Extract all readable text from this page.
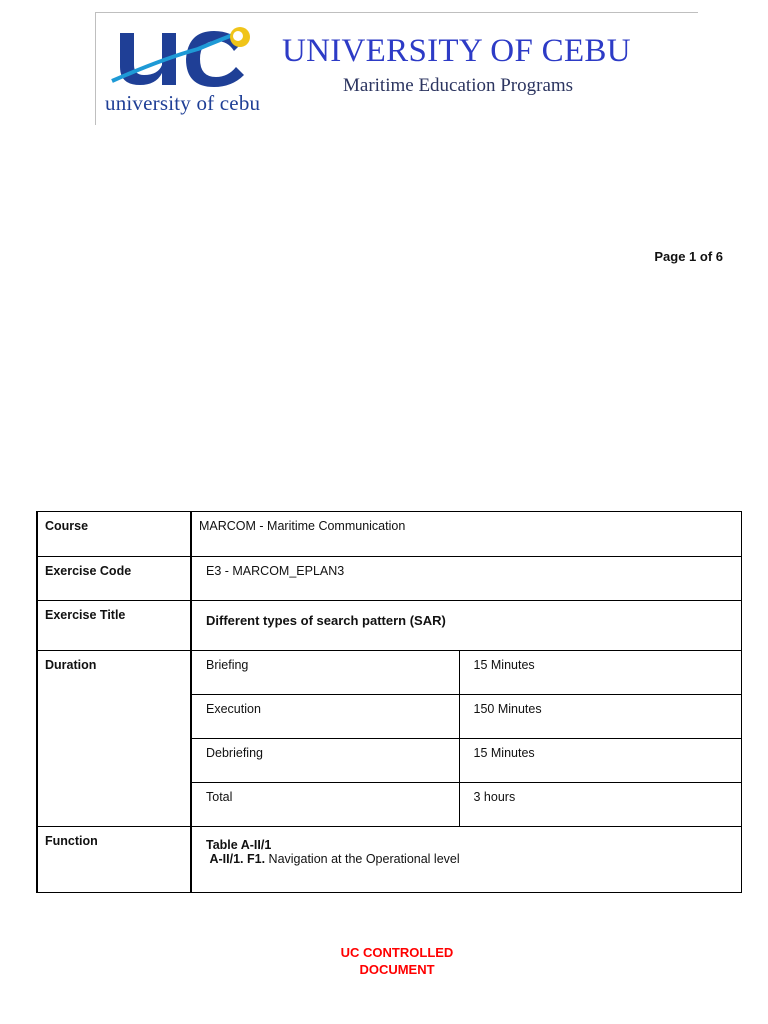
university of cebu
UNIVERSITY OF CEBU
Maritime Education Programs
Page 1 of 6
Course	MARCOM - Maritime Communication	
Exercise Code	E3 - MARCOM_EPLAN3	
Exercise Title	Different types of search pattern (SAR)	
Duration	Briefing	15 Minutes
	Execution	150 Minutes
	Debriefing	15 Minutes
	Total	3 hours
Function	Table A-II/1
A-II/1. F1. Navigation at the Operational level	
UC CONTROLLED
DOCUMENT
